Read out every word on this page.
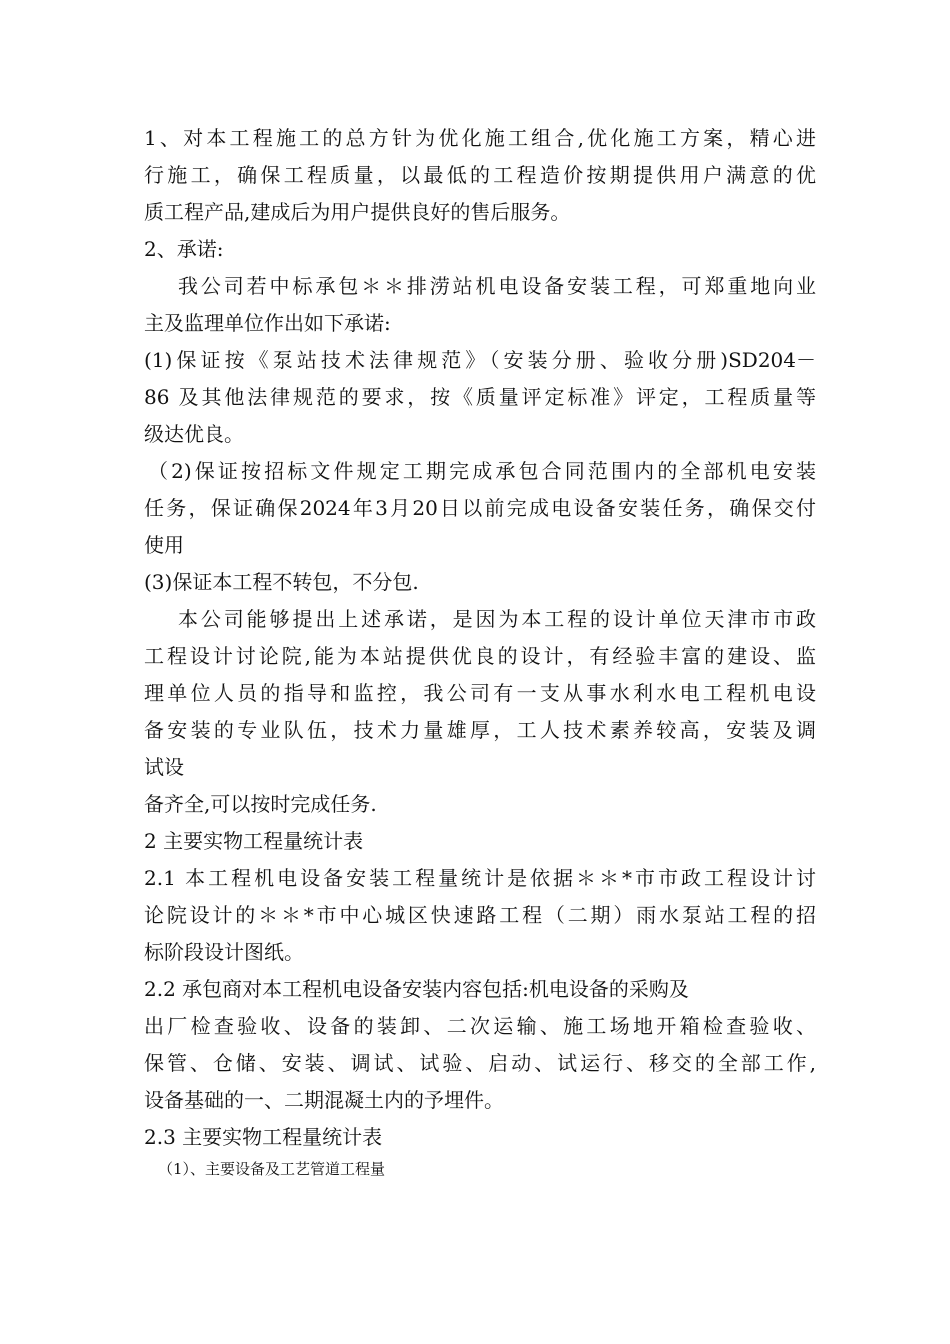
1、对本工程施工的总方针为优化施工组合,优化施工方案，精心进
行施工，确保工程质量，以最低的工程造价按期提供用户满意的优
质工程产品,建成后为用户提供良好的售后服务。
2、承诺:
我公司若中标承包＊＊排涝站机电设备安装工程，可郑重地向业
主及监理单位作出如下承诺:
(1)保证按《泵站技术法律规范》（安装分册、验收分册)SD204－
86 及其他法律规范的要求，按《质量评定标准》评定，工程质量等
级达优良。
（2)保证按招标文件规定工期完成承包合同范围内的全部机电安装
任务，保证确保2024年3月20日以前完成电设备安装任务，确保交付
使用
(3)保证本工程不转包，不分包.
本公司能够提出上述承诺，是因为本工程的设计单位天津市市政
工程设计讨论院,能为本站提供优良的设计，有经验丰富的建设、监
理单位人员的指导和监控，我公司有一支从事水利水电工程机电设
备安装的专业队伍，技术力量雄厚，工人技术素养较高，安装及调
试设
备齐全,可以按时完成任务.
2 主要实物工程量统计表
2.1 本工程机电设备安装工程量统计是依据＊＊*市市政工程设计讨
论院设计的＊＊*市中心城区快速路工程（二期）雨水泵站工程的招
标阶段设计图纸。
2.2 承包商对本工程机电设备安装内容包括:机电设备的采购及
出厂检查验收、设备的装卸、二次运输、施工场地开箱检查验收、
保管、仓储、安装、调试、试验、启动、试运行、移交的全部工作,
设备基础的一、二期混凝土内的予埋件。
2.3 主要实物工程量统计表
（1）、主要设备及工艺管道工程量
